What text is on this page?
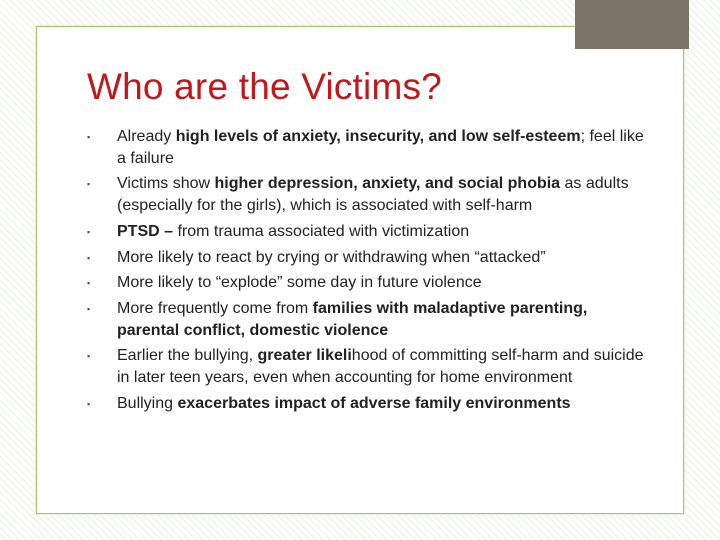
Who are the Victims?
▪ Already high levels of anxiety, insecurity, and low self-esteem; feel like a failure
▪ Victims show higher depression, anxiety, and social phobia as adults (especially for the girls), which is associated with self-harm
▪ PTSD – from trauma associated with victimization
▪ More likely to react by crying or withdrawing when “attacked”
▪ More likely to “explode” some day in future violence
▪ More frequently come from families with maladaptive parenting, parental conflict, domestic violence
▪ Earlier the bullying, greater likelihood of committing self-harm and suicide in later teen years, even when accounting for home environment
▪ Bullying exacerbates impact of adverse family environments
